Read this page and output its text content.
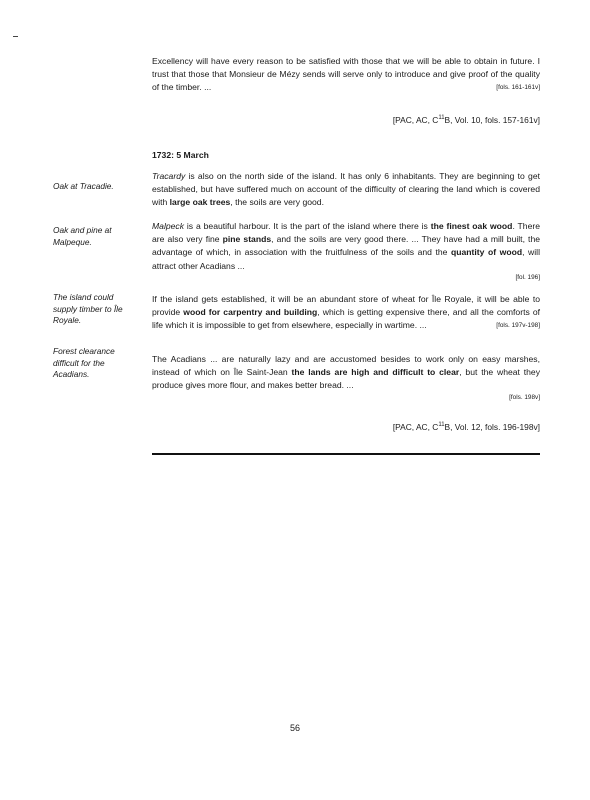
Excellency will have every reason to be satisfied with those that we will be able to obtain in future. I trust that those that Monsieur de Mézy sends will serve only to introduce and give proof of the quality of the timber. ...	[fols. 161-161v]

[PAC, AC, $C^{11}B$, Vol. 10, fols. 157-161v]
1732: 5 March
Oak at Tracadie.
Oak and pine at Malpeque.
The island could supply timber to Île Royale.
Forest clearance difficult for the Acadians.

Tracardy is also on the north side of the island. It has only 6 inhabitants. They are beginning to get established, but have suffered much on account of the difficulty of clearing the land which is covered with large oak trees, the soils are very good.

Malpeck is a beautiful harbour. It is the part of the island where there is the finest oak wood. There are also very fine pine stands, and the soils are very good there. ... They have had a mill built, the advantage of which, in association with the fruitfulness of the soils and the quantity of wood, will attract other Acadians ...

[fol. 196]

If the island gets established, it will be an abundant store of wheat for Île Royale, it will be able to provide wood for carpentry and building, which is getting expensive there, and all the comforts of life which it is impossible to get from elsewhere, especially in wartime. ...	[fols. 197v-198]

The Acadians ... are naturally lazy and are accustomed besides to work only on easy marshes, instead of which on Île Saint-Jean the lands are high and difficult to clear, but the wheat they produce gives more flour, and makes better bread. ...

[fols. 198v]
[PAC, AC, $C^{11}B$, Vol. 12, fols. 196-198v]
56
